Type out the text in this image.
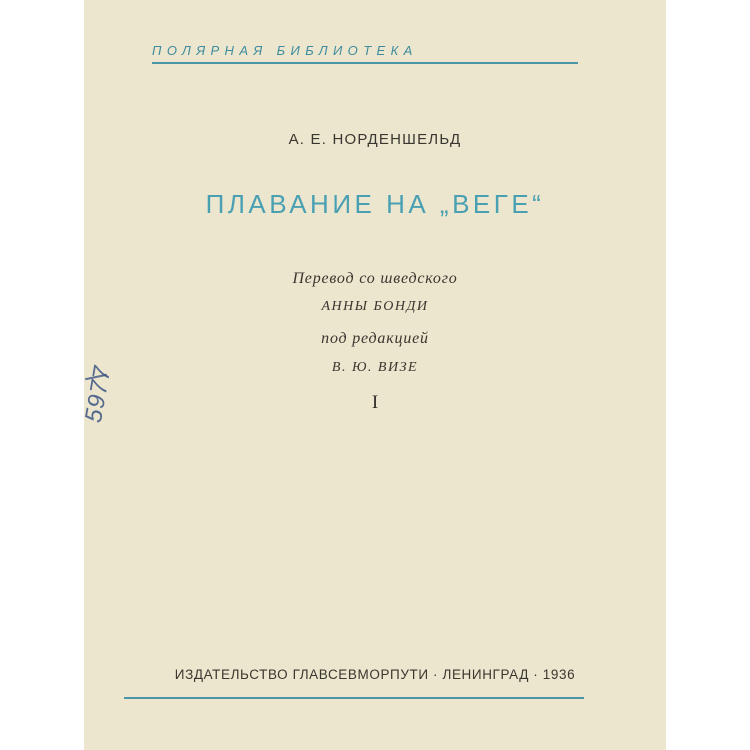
ПОЛЯРНАЯ БИБЛИОТЕКА
А. Е. НОРДЕНШЕЛЬД
ПЛАВАНИЕ НА „ВЕГЕ“
Перевод со шведского
АННЫ БОНДИ
под редакцией
В. Ю. ВИЗЕ
I
5977
ИЗДАТЕЛЬСТВО ГЛАВСЕВМОРПУТИ · ЛЕНИНГРАД · 1936
